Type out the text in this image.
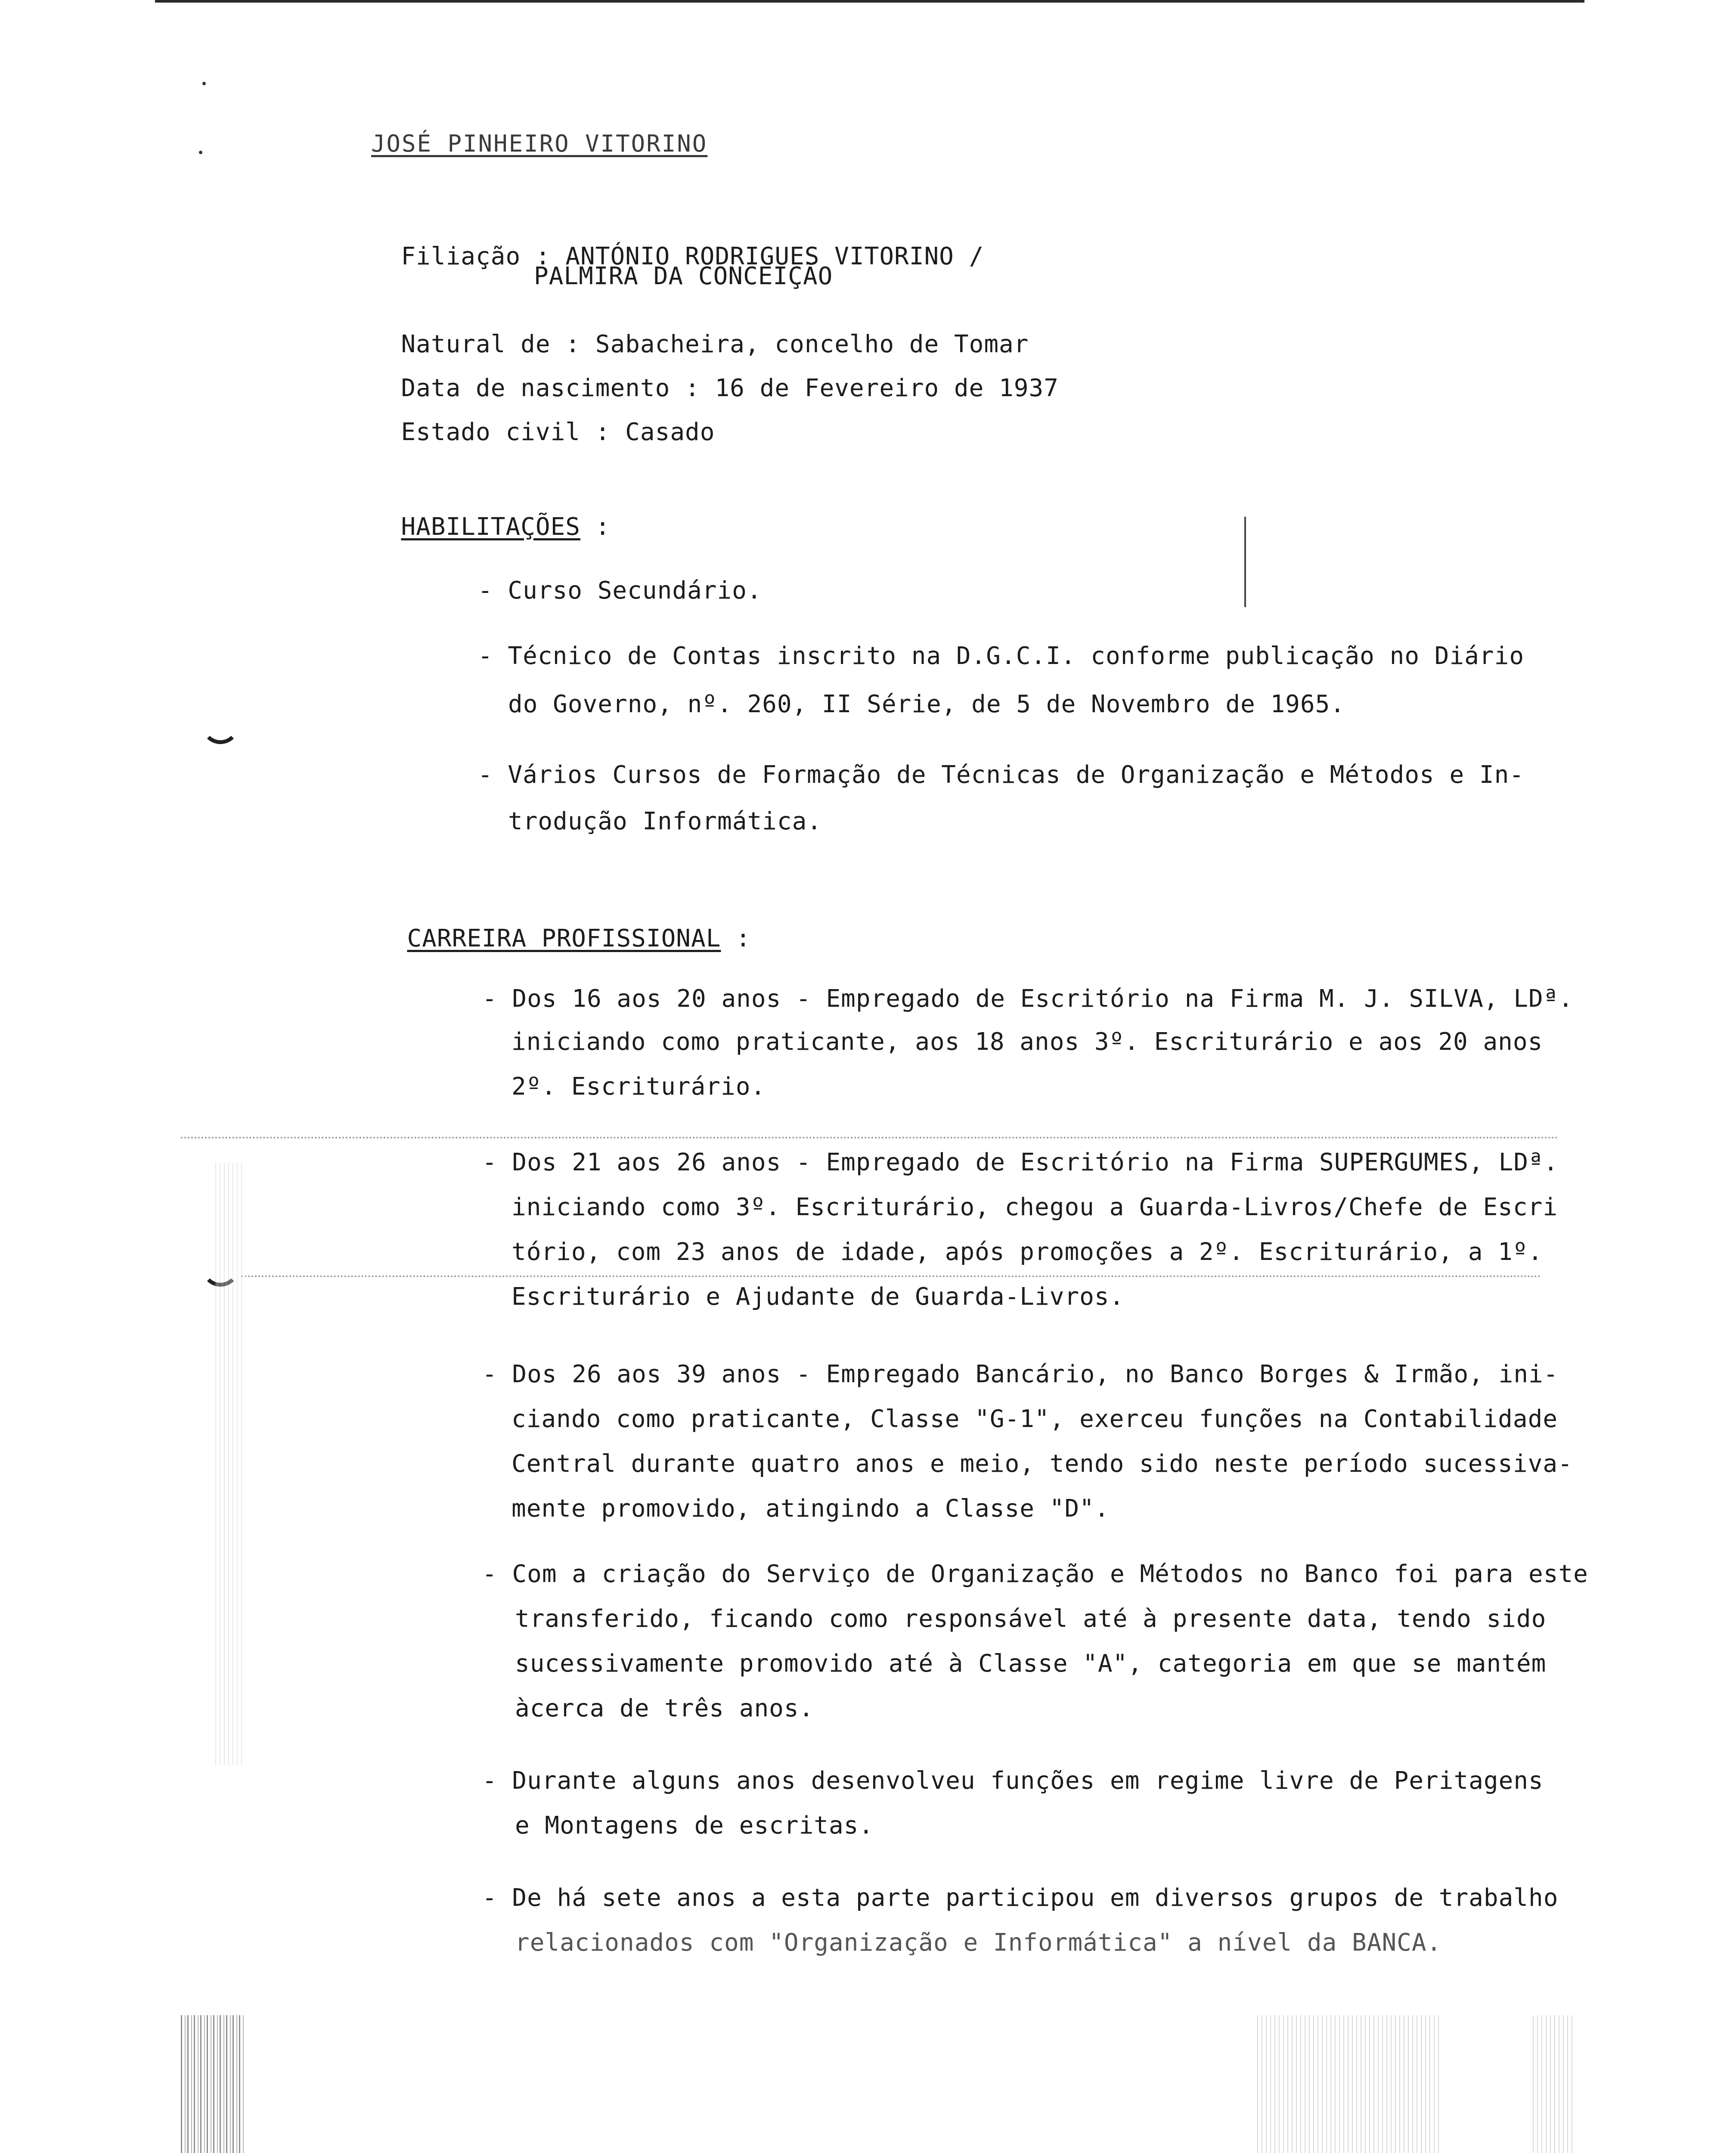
JOSÉ PINHEIRO VITORINO

Filiação : ANTÓNIO RODRIGUES VITORINO /

PALMIRA DA CONCEIÇÃO

Natural de : Sabacheira, concelho de Tomar

Data de nascimento : 16 de Fevereiro de 1937

Estado civil : Casado

HABILITAÇÕES :

- Curso Secundário.
- Técnico de Contas inscrito na D.G.C.I. conforme publicação no Diário
do Governo, nº. 260, II Série, de 5 de Novembro de 1965.
- Vários Cursos de Formação de Técnicas de Organização e Métodos e In-
trodução Informática.

CARREIRA PROFISSIONAL :

- Dos 16 aos 20 anos - Empregado de Escritório na Firma M. J. SILVA, LDª.
iniciando como praticante, aos 18 anos 3º. Escriturário e aos 20 anos
2º. Escriturário.
- Dos 21 aos 26 anos - Empregado de Escritório na Firma SUPERGUMES, LDª.
iniciando como 3º. Escriturário, chegou a Guarda-Livros/Chefe de Escri
tório, com 23 anos de idade, após promoções a 2º. Escriturário, a 1º.
Escriturário e Ajudante de Guarda-Livros.
- Dos 26 aos 39 anos - Empregado Bancário, no Banco Borges & Irmão, ini-
ciando como praticante, Classe "G-1", exerceu funções na Contabilidade
Central durante quatro anos e meio, tendo sido neste período sucessiva-
mente promovido, atingindo a Classe "D".
- Com a criação do Serviço de Organização e Métodos no Banco foi para este
transferido, ficando como responsável até à presente data, tendo sido
sucessivamente promovido até à Classe "A", categoria em que se mantém
àcerca de três anos.
- Durante alguns anos desenvolveu funções em regime livre de Peritagens
e Montagens de escritas.
- De há sete anos a esta parte participou em diversos grupos de trabalho
relacionados com "Organização e Informática" a nível da BANCA.
